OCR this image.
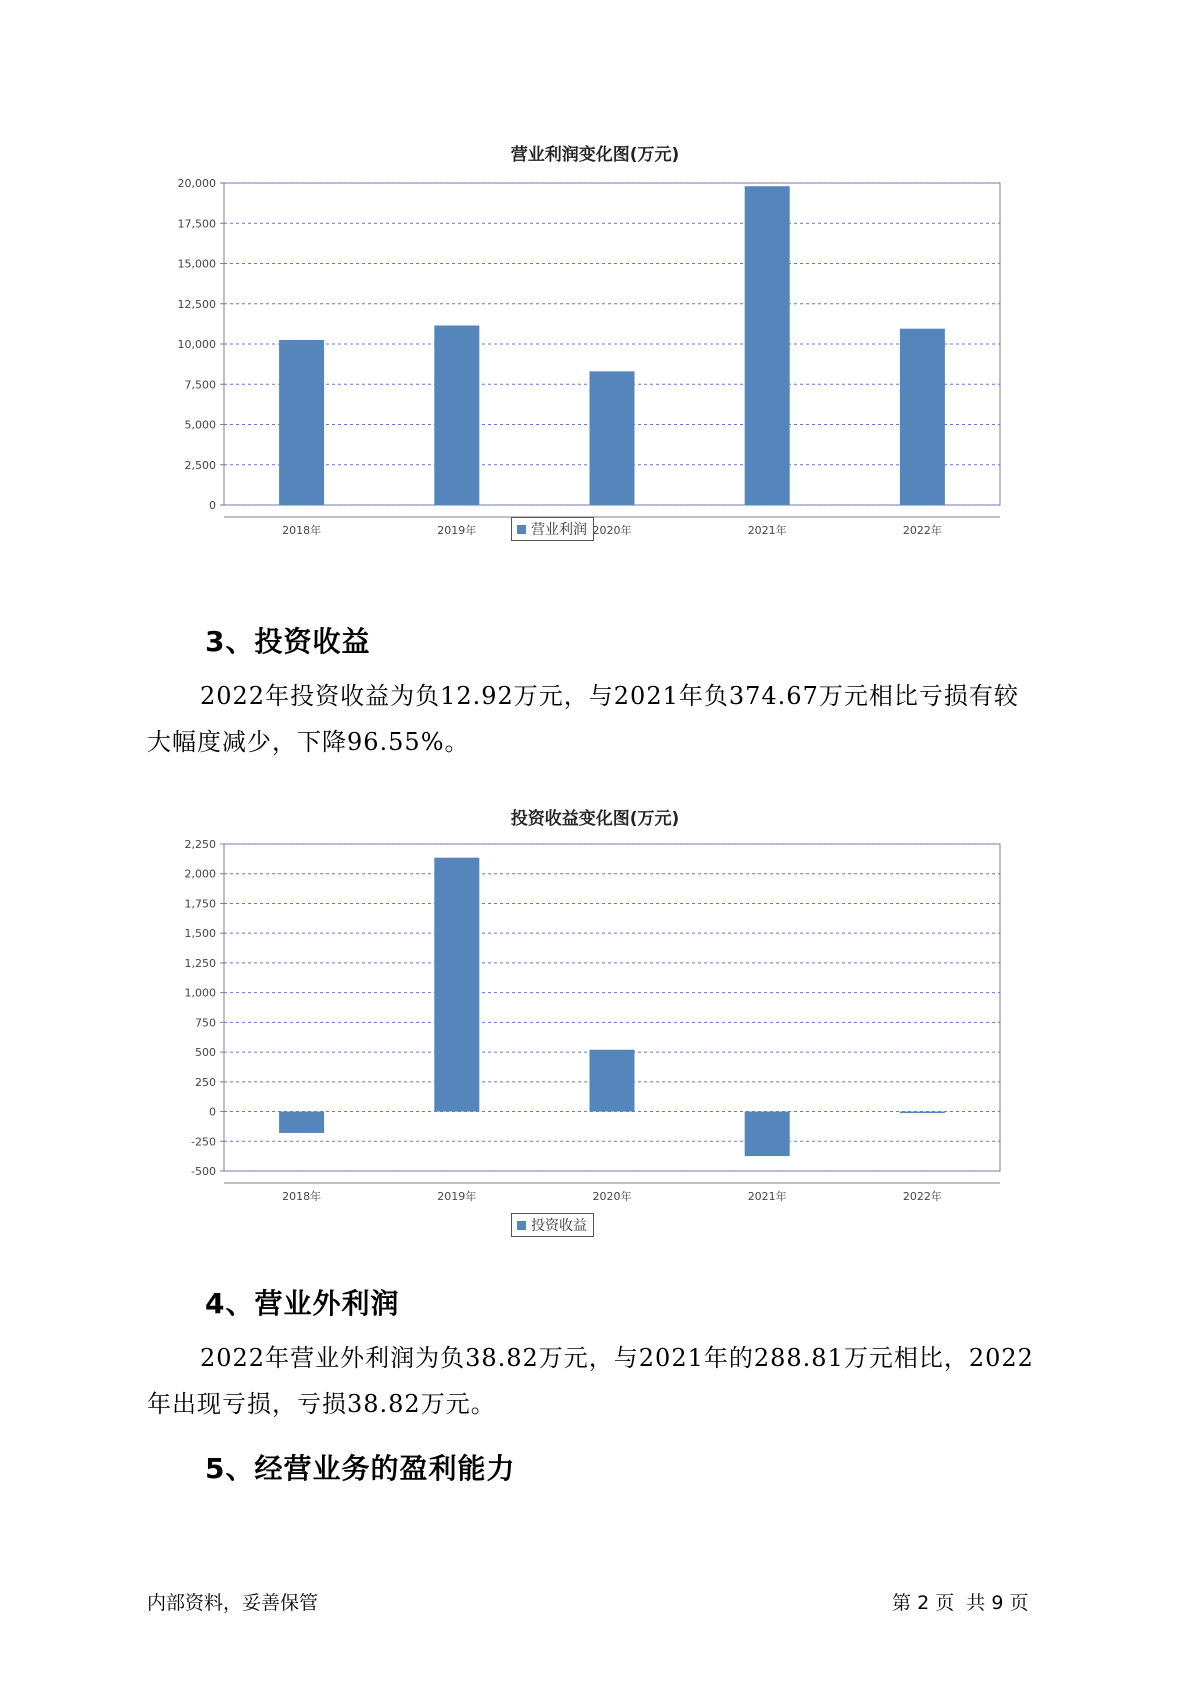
营业利润变化图(万元)
0
2,500
5,000
7,500
10,000
12,500
15,000
17,500
20,000
2018年	2019年	2020年	2021年	2022年
营业利润
3、投资收益
2022年投资收益为负12.92万元，与2021年负374.67万元相比亏损有较
大幅度减少，下降96.55%。
投资收益变化图(万元)
-500
-250
0
250
500
750
1,000
1,250
1,500
1,750
2,000
2,250
2018年	2019年	2020年	2021年	2022年
投资收益
4、营业外利润
2022年营业外利润为负38.82万元，与2021年的288.81万元相比，2022
年出现亏损，亏损38.82万元。
5、经营业务的盈利能力
内部资料，妥善保管	第 2 页  共 9 页
